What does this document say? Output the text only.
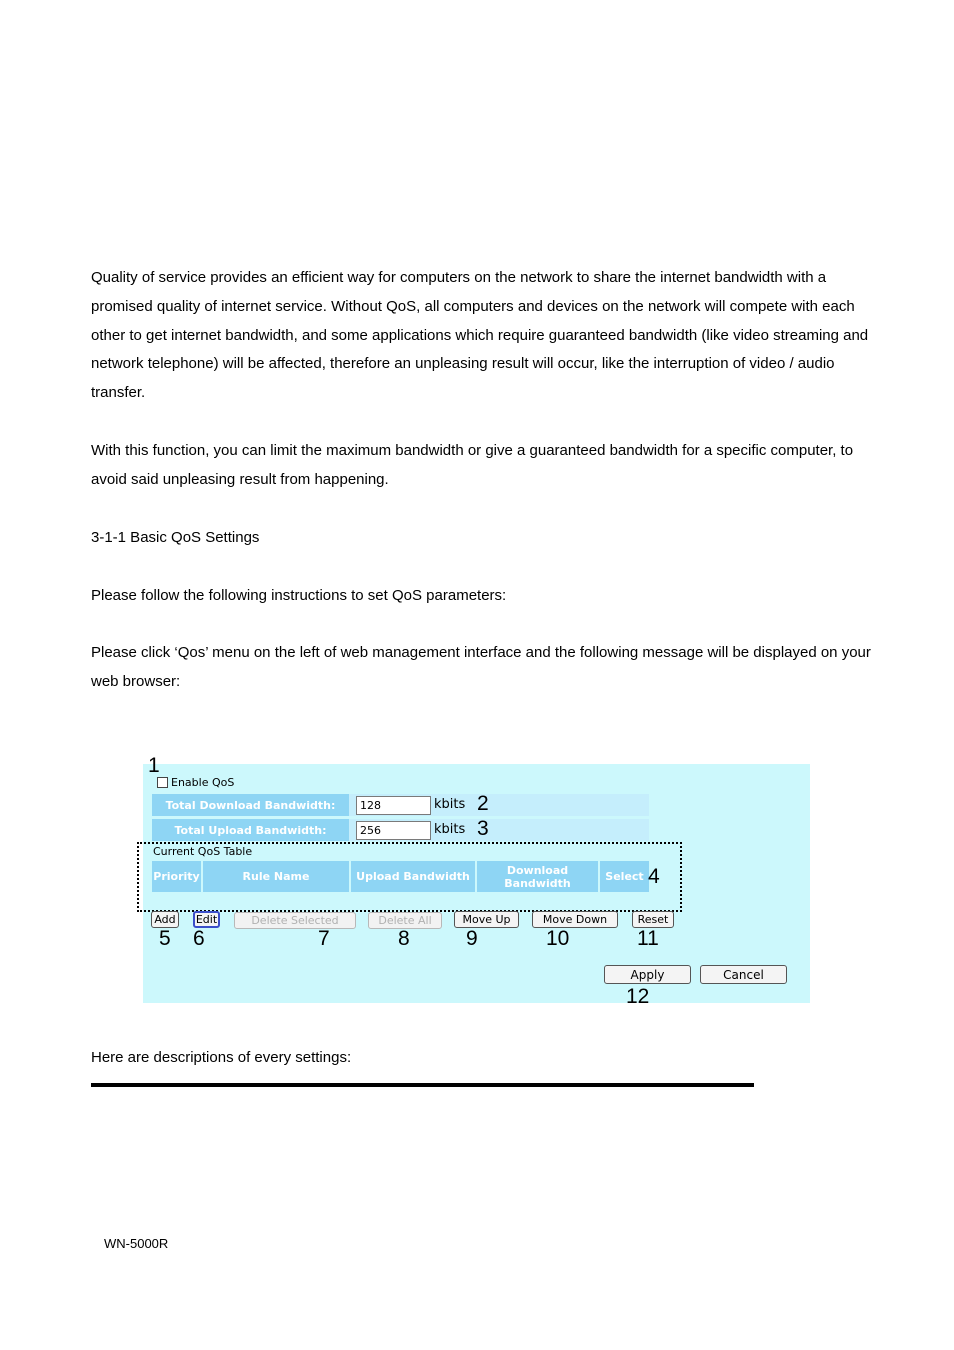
Quality of service provides an efficient way for computers on the network to share the internet bandwidth with a promised quality of internet service. Without QoS, all computers and devices on the network will compete with each other to get internet bandwidth, and some applications which require guaranteed bandwidth (like video streaming and network telephone) will be affected, therefore an unpleasing result will occur, like the interruption of video / audio transfer.

With this function, you can limit the maximum bandwidth or give a guaranteed bandwidth for a specific computer, to avoid said unpleasing result from happening.

3-1-1 Basic QoS Settings

Please follow the following instructions to set QoS parameters:

Please click ‘Qos’ menu on the left of web management interface and the following message will be displayed on your web browser:

Enable QoS
Total Download Bandwidth:	128	kbits
Total Upload Bandwidth:	256	kbits
Current QoS Table
Priority	Rule Name	Upload Bandwidth	Download Bandwidth	Select
Add	Edit	Delete Selected	Delete All	Move Up	Move Down	Reset
Apply	Cancel
1
2
3
4
5 6	7	8	9	10	11
12

Here are descriptions of every settings:

WN-5000R
